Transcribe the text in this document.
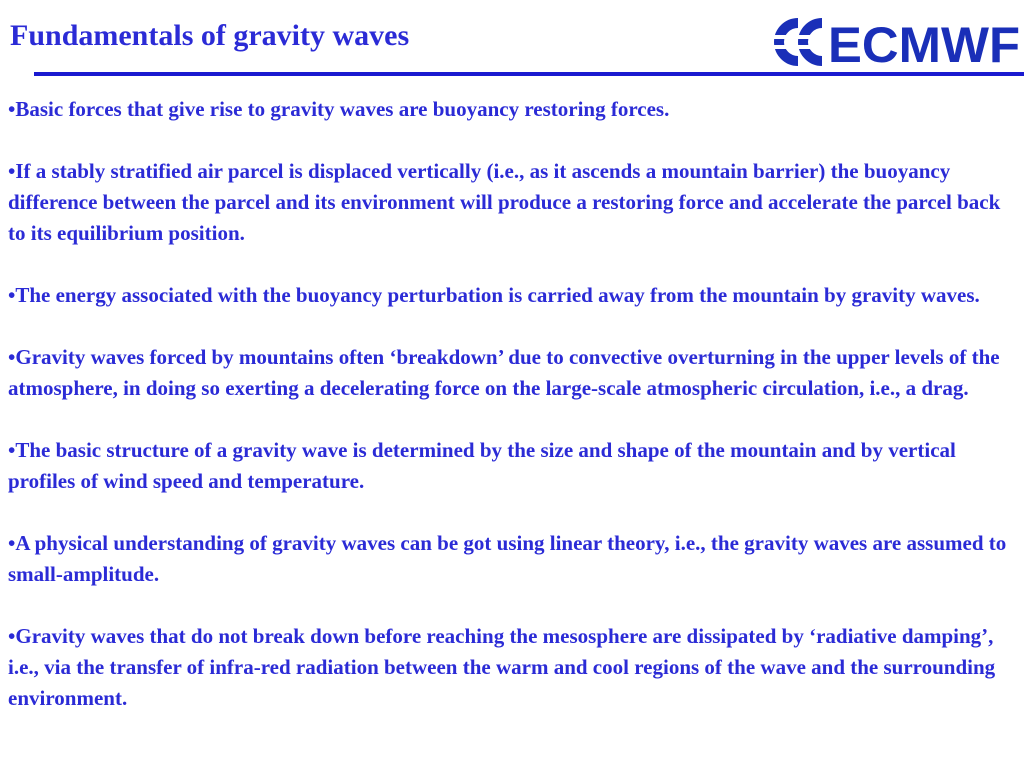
Fundamentals of gravity waves	ECMWF
• Basic forces that give rise to gravity waves are buoyancy restoring forces.
• If a stably stratified air parcel is displaced vertically (i.e., as it ascends a mountain barrier) the buoyancy difference between the parcel and its environment will produce a restoring force and accelerate the parcel back to its equilibrium position.
• The energy associated with the buoyancy perturbation is carried away from the mountain by gravity waves.
• Gravity waves forced by mountains often ‘breakdown’ due to convective overturning in the upper levels of the atmosphere, in doing so exerting a decelerating force on the large-scale atmospheric circulation, i.e., a drag.
• The basic structure of a gravity wave is determined by the size and shape of the mountain and by vertical profiles of wind speed and temperature.
• A physical understanding of gravity waves can be got using linear theory, i.e., the gravity waves are assumed to small-amplitude.
• Gravity waves that do not break down before reaching the mesosphere are dissipated by ‘radiative damping’, i.e., via the transfer of infra-red radiation between the warm and cool regions of the wave and the surrounding environment.
